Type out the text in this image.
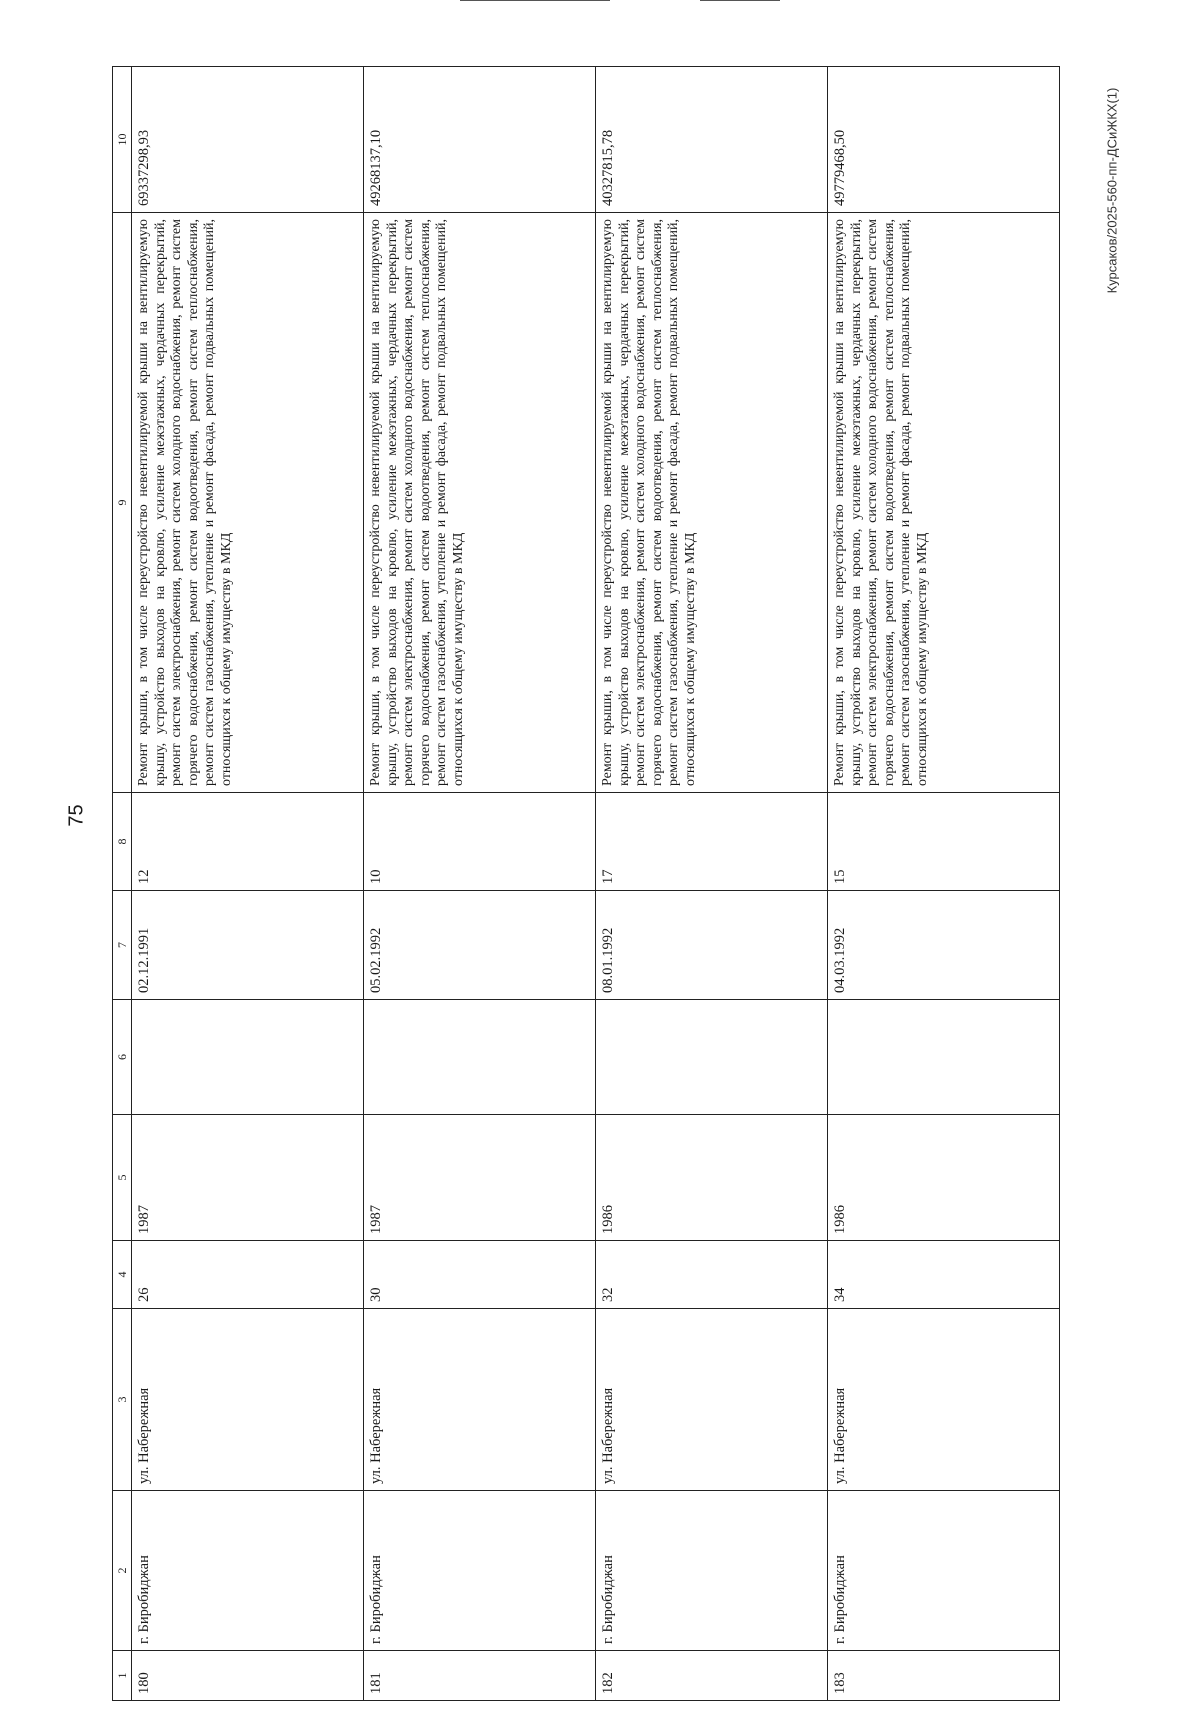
75
Курсаков/2025-560-пп-ДСиЖКХ(1)
1	2	3	4	5	6	7	8	9	10
180	г. Биробиджан	ул. Набережная	26	1987		02.12.1991	12	Ремонт крыши, в том числе переустройство невентилируемой крыши на вентилируемую крышу, устройство выходов на кровлю, усиление межэтажных, чердачных перекрытий, ремонт систем электроснабжения, ремонт систем холодного водоснабжения, ремонт систем горячего водоснабжения, ремонт систем водоотведения, ремонт систем теплоснабжения, ремонт систем газоснабжения, утепление и ремонт фасада, ремонт подвальных помещений, относящихся к общему имуществу в МКД	69337298,93
181	г. Биробиджан	ул. Набережная	30	1987		05.02.1992	10	Ремонт крыши, в том числе переустройство невентилируемой крыши на вентилируемую крышу, устройство выходов на кровлю, усиление межэтажных, чердачных перекрытий, ремонт систем электроснабжения, ремонт систем холодного водоснабжения, ремонт систем горячего водоснабжения, ремонт систем водоотведения, ремонт систем теплоснабжения, ремонт систем газоснабжения, утепление и ремонт фасада, ремонт подвальных помещений, относящихся к общему имуществу в МКД	49268137,10
182	г. Биробиджан	ул. Набережная	32	1986		08.01.1992	17	Ремонт крыши, в том числе переустройство невентилируемой крыши на вентилируемую крышу, устройство выходов на кровлю, усиление межэтажных, чердачных перекрытий, ремонт систем электроснабжения, ремонт систем холодного водоснабжения, ремонт систем горячего водоснабжения, ремонт систем водоотведения, ремонт систем теплоснабжения, ремонт систем газоснабжения, утепление и ремонт фасада, ремонт подвальных помещений, относящихся к общему имуществу в МКД	40327815,78
183	г. Биробиджан	ул. Набережная	34	1986		04.03.1992	15	Ремонт крыши, в том числе переустройство невентилируемой крыши на вентилируемую крышу, устройство выходов на кровлю, усиление межэтажных, чердачных перекрытий, ремонт систем электроснабжения, ремонт систем холодного водоснабжения, ремонт систем горячего водоснабжения, ремонт систем водоотведения, ремонт систем теплоснабжения, ремонт систем газоснабжения, утепление и ремонт фасада, ремонт подвальных помещений, относящихся к общему имуществу в МКД	49779468,50
